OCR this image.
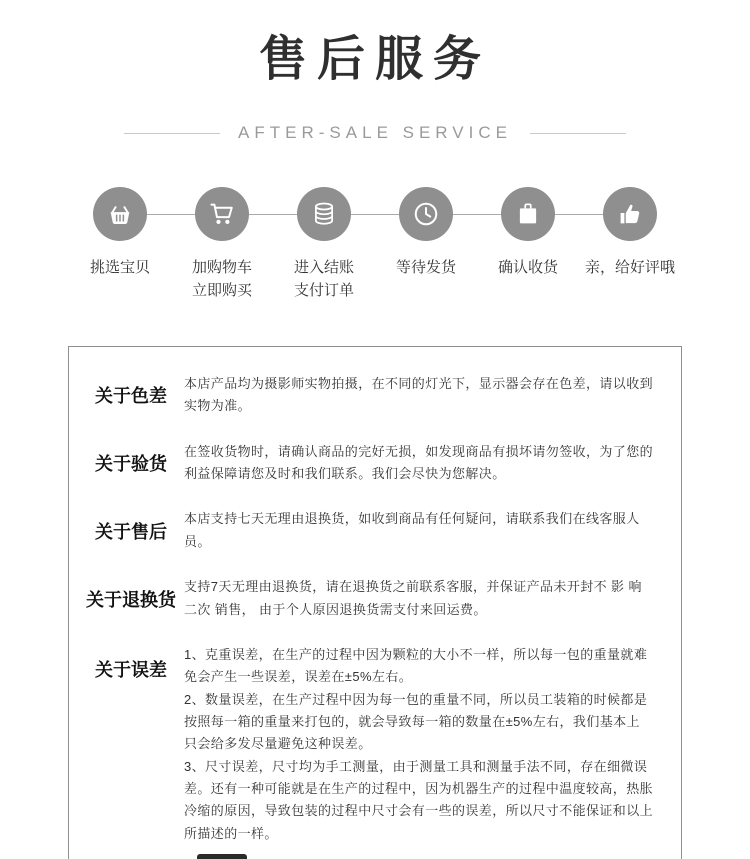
售后服务
AFTER-SALE SERVICE
挑选宝贝	加购物车
立即购买
进入结账
支付订单
等待发货	确认收货 亲，给好评哦
关于色差

本店产品均为摄影师实物拍摄，在不同的灯光下，显示器会存在色差，请以收到实物为准。

关于验货

在签收货物时，请确认商品的完好无损，如发现商品有损坏请勿签收，为了您的利益保障请您及时和我们联系。我们会尽快为您解决。

关于售后

本店支持七天无理由退换货，如收到商品有任何疑问，请联系我们在线客服人员。

关于退换货

支持7天无理由退换货，请在退换货之前联系客服，并保证产品未开封不 影 响 二次 销售， 由于个人原因退换货需支付来回运费。

关于误差

1、克重误差，在生产的过程中因为颗粒的大小不一样，所以每一包的重量就难免会产生一些误差，误差在±5%左右。

2、数量误差，在生产过程中因为每一包的重量不同，所以员工装箱的时候都是按照每一箱的重量来打包的，就会导致每一箱的数量在±5%左右，我们基本上只会给多发尽量避免这种误差。

3、尺寸误差，尺寸均为手工测量，由于测量工具和测量手法不同，存在细微误差。还有一种可能就是在生产的过程中，因为机器生产的过程中温度较高，热胀冷缩的原因，导致包装的过程中尺寸会有一些的误差，所以尺寸不能保证和以上所描述的一样。
